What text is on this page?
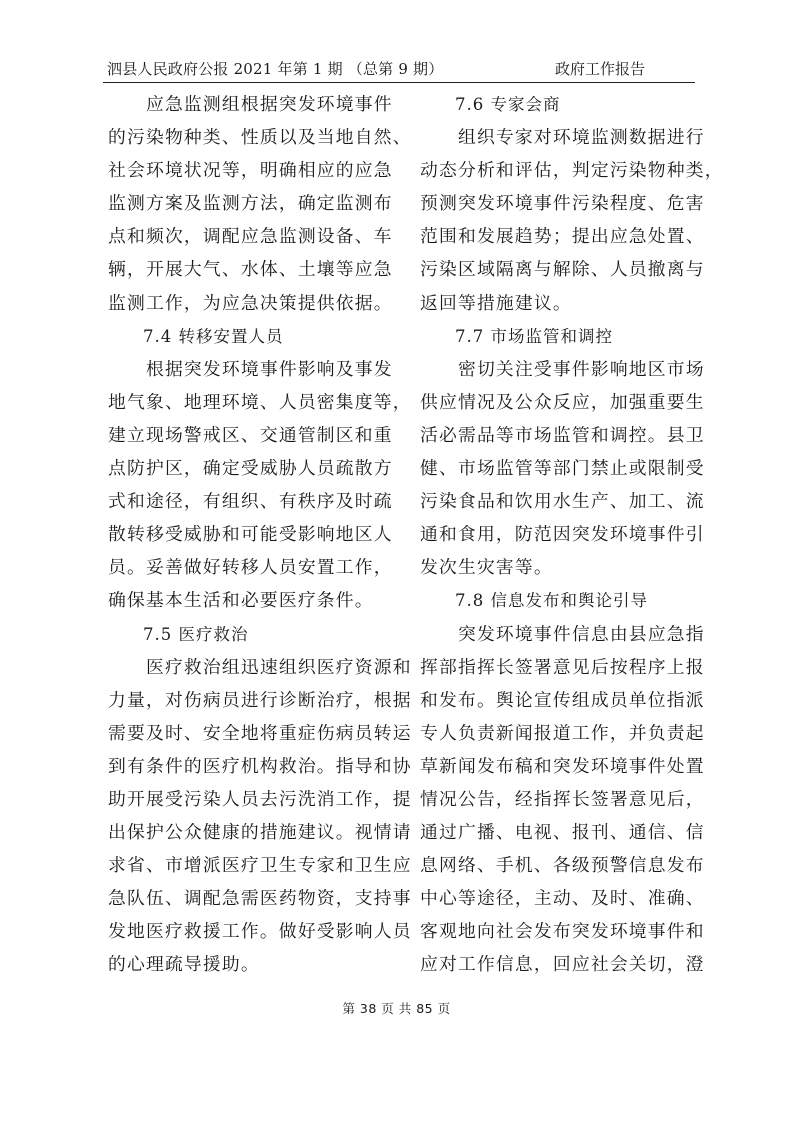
泗县人民政府公报 2021 年第 1 期 （总第 9 期）	政府工作报告
　　应急监测组根据突发环境事件
的污染物种类、性质以及当地自然、
社会环境状况等，明确相应的应急
监测方案及监测方法，确定监测布
点和频次，调配应急监测设备、车
辆，开展大气、水体、土壤等应急
监测工作，为应急决策提供依据。
　　7.4 转移安置人员
　　根据突发环境事件影响及事发
地气象、地理环境、人员密集度等，
建立现场警戒区、交通管制区和重
点防护区，确定受威胁人员疏散方
式和途径，有组织、有秩序及时疏
散转移受威胁和可能受影响地区人
员。妥善做好转移人员安置工作，
确保基本生活和必要医疗条件。
　　7.5 医疗救治
　　医疗救治组迅速组织医疗资源和
力量，对伤病员进行诊断治疗，根据
需要及时、安全地将重症伤病员转运
到有条件的医疗机构救治。指导和协
助开展受污染人员去污洗消工作，提
出保护公众健康的措施建议。视情请
求省、市增派医疗卫生专家和卫生应
急队伍、调配急需医药物资，支持事
发地医疗救援工作。做好受影响人员
的心理疏导援助。
　　7.6 专家会商
　　组织专家对环境监测数据进行
动态分析和评估，判定污染物种类，
预测突发环境事件污染程度、危害
范围和发展趋势；提出应急处置、
污染区域隔离与解除、人员撤离与
返回等措施建议。
　　7.7 市场监管和调控
　　密切关注受事件影响地区市场
供应情况及公众反应，加强重要生
活必需品等市场监管和调控。县卫
健、市场监管等部门禁止或限制受
污染食品和饮用水生产、加工、流
通和食用，防范因突发环境事件引
发次生灾害等。
　　7.8 信息发布和舆论引导
　　突发环境事件信息由县应急指
挥部指挥长签署意见后按程序上报
和发布。舆论宣传组成员单位指派
专人负责新闻报道工作，并负责起
草新闻发布稿和突发环境事件处置
情况公告，经指挥长签署意见后，
通过广播、电视、报刊、通信、信
息网络、手机、各级预警信息发布
中心等途径，主动、及时、准确、
客观地向社会发布突发环境事件和
应对工作信息，回应社会关切，澄
第 38 页 共 85 页
